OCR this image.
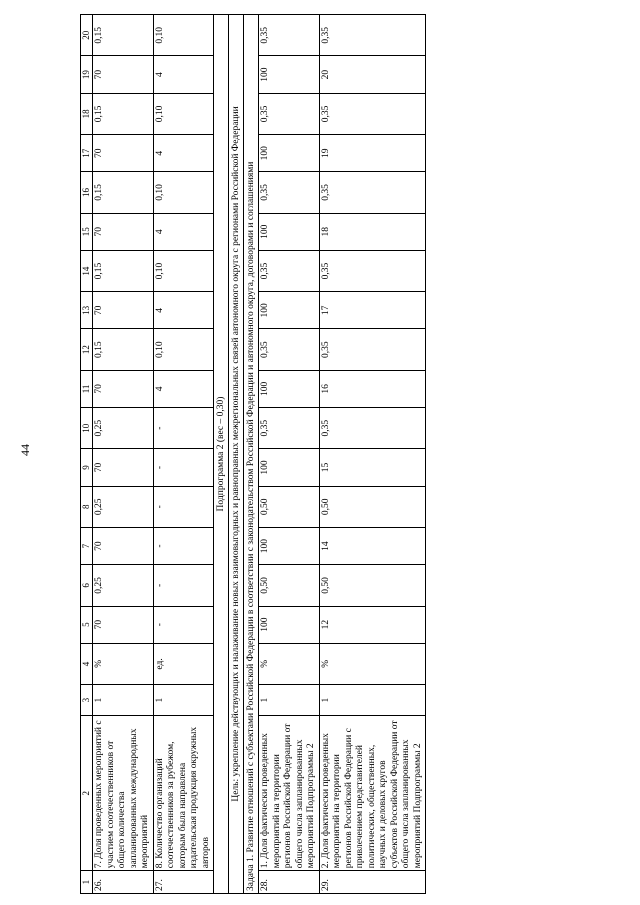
44
1	2	3	4	5	6	7	8	9	10	11	12	13	14	15	16	17	18	19	20
26.	7. Доля проведенных мероприятий с участием соотечественников от общего количества запланированных международных мероприятий	1	%	70	0,25	70	0,25	70	0,25	70	0,15	70	0,15	70	0,15	70	0,15	70	0,15
27.	8. Количество организаций соотечественников за рубежом, которым была направлена издательская продукция окружных авторов	1	ед.	-	-	-	-	-	-	4	0,10	4	0,10	4	0,10	4	0,10	4	0,10
Подпрограмма 2 (вес – 0,30)																			
Цель: укрепление действующих и налаживание новых взаимовыгодных и равноправных межрегиональных связей автономного округа с регионами Российской Федерации																			
Задача 1. Развитие отношений с субъектами Российской Федерации в соответствии с законодательством Российской Федерации и автономного округа, договорами и соглашениями																			
28.	1. Доля фактически проведенных мероприятий на территории регионов Российской Федерации от общего числа запланированных мероприятий Подпрограммы 2	1	%	100	0,50	100	0,50	100	0,35	100	0,35	100	0,35	100	0,35	100	0,35	100	0,35
29.	2. Доля фактически проведенных мероприятий на территории регионов Российской Федерации с привлечением представителей политических, общественных, научных и деловых кругов субъектов Российской Федерации от общего числа запланированных мероприятий Подпрограммы 2	1	%	12	0,50	14	0,50	15	0,35	16	0,35	17	0,35	18	0,35	19	0,35	20	0,35
